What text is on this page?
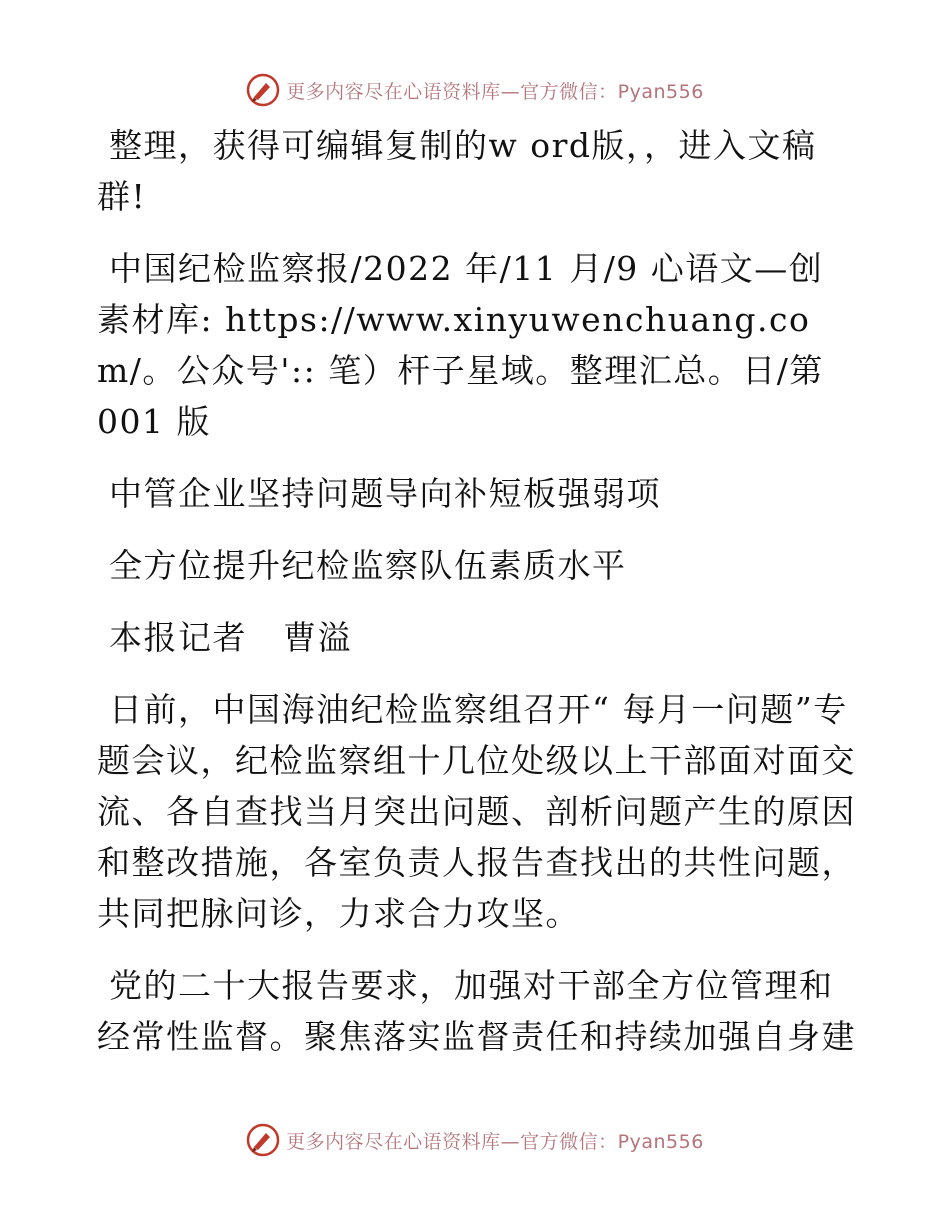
更多内容尽在心语资料库—官方微信：Pyan556

整理，获得可编辑复制的w ord版，，进入文稿群!

中国纪检监察报/2022 年/11 月/9 心语文—创素材库: https://www.xinyuwenchuang.com/。公众号':: 笔）杆子星域。整理汇总。日/第 001 版

中管企业坚持问题导向补短板强弱项

全方位提升纪检监察队伍素质水平

本报记者   曹溢

日前，中国海油纪检监察组召开“ 每月一问题”专题会议，纪检监察组十几位处级以上干部面对面交流、各自查找当月突出问题、剖析问题产生的原因和整改措施，各室负责人报告查找出的共性问题，共同把脉问诊，力求合力攻坚。

党的二十大报告要求，加强对干部全方位管理和经常性监督。聚焦落实监督责任和持续加强自身建

更多内容尽在心语资料库—官方微信：Pyan556
